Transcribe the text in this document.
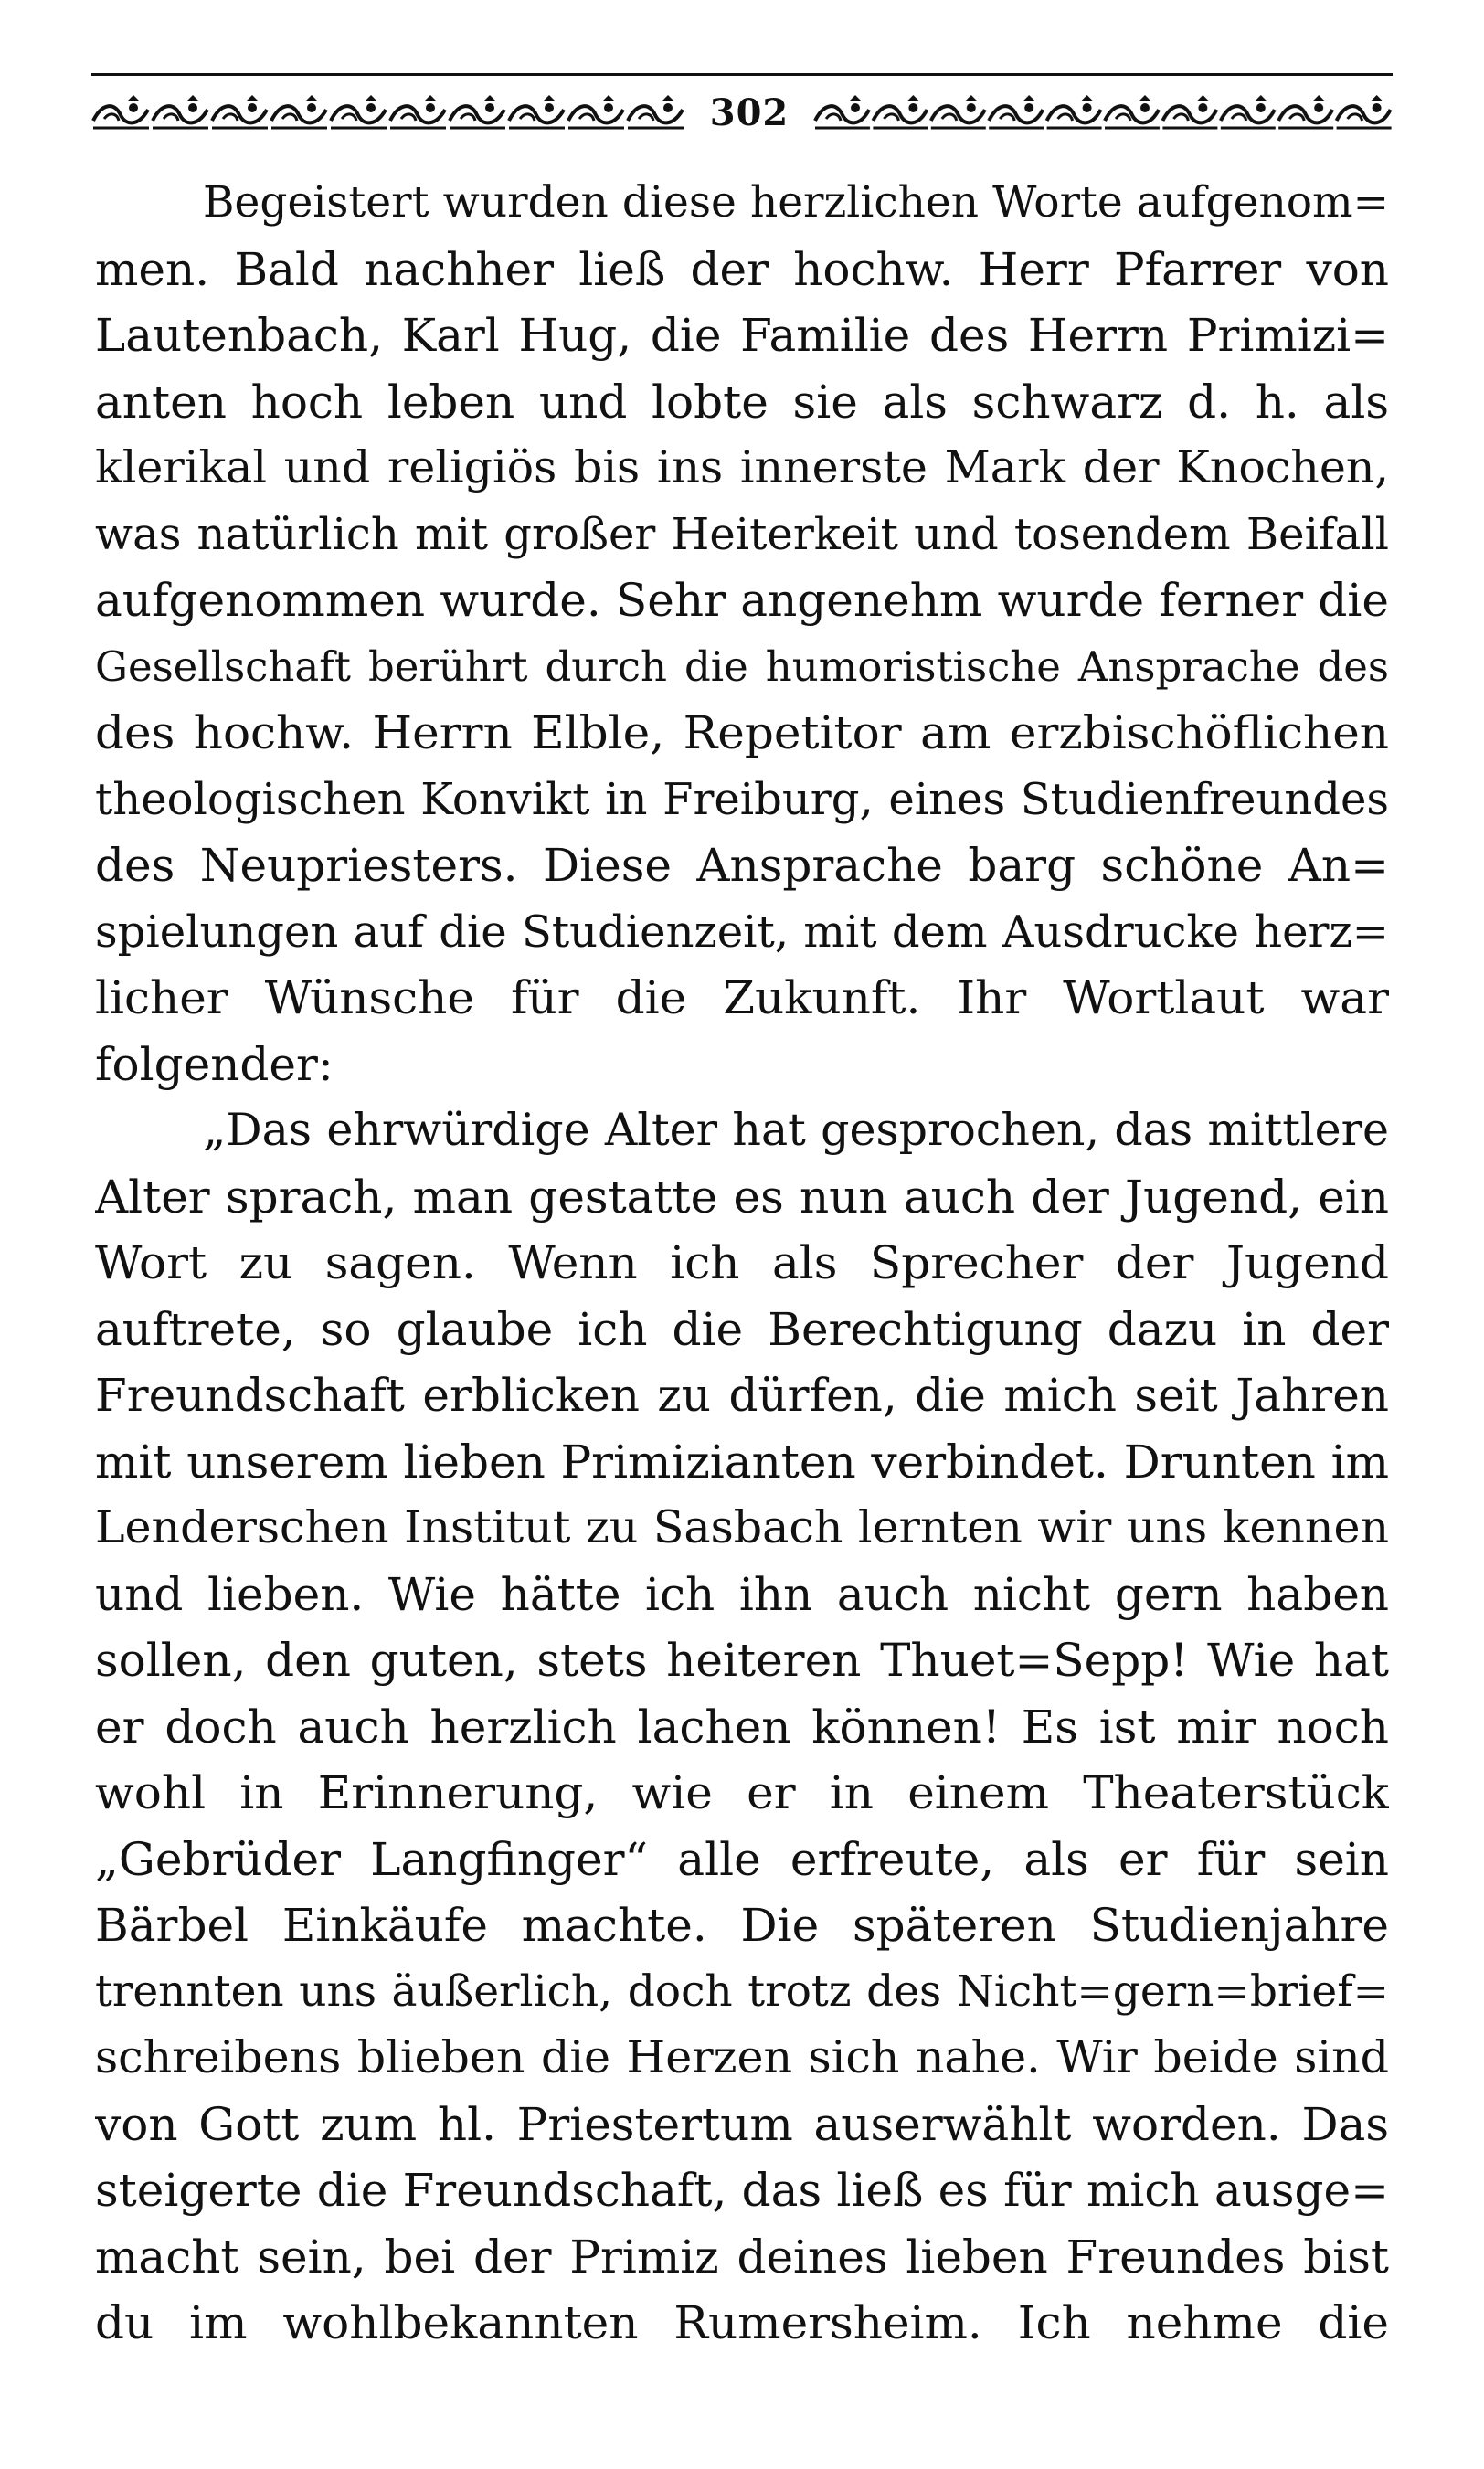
302
Begeistert wurden diese herzlichen Worte aufgenom=
men. Bald nachher ließ der hochw. Herr Pfarrer von
Lautenbach, Karl Hug, die Familie des Herrn Primizi=
anten hoch leben und lobte sie als schwarz d. h. als
klerikal und religiös bis ins innerste Mark der Knochen,
was natürlich mit großer Heiterkeit und tosendem Beifall
aufgenommen wurde. Sehr angenehm wurde ferner die
Gesellschaft berührt durch die humoristische Ansprache des
des hochw. Herrn Elble, Repetitor am erzbischöflichen
theologischen Konvikt in Freiburg, eines Studienfreundes
des Neupriesters. Diese Ansprache barg schöne An=
spielungen auf die Studienzeit, mit dem Ausdrucke herz=
licher Wünsche für die Zukunft. Ihr Wortlaut war
folgender:
„Das ehrwürdige Alter hat gesprochen, das mittlere
Alter sprach, man gestatte es nun auch der Jugend, ein
Wort zu sagen. Wenn ich als Sprecher der Jugend
auftrete, so glaube ich die Berechtigung dazu in der
Freundschaft erblicken zu dürfen, die mich seit Jahren
mit unserem lieben Primizianten verbindet. Drunten im
Lenderschen Institut zu Sasbach lernten wir uns kennen
und lieben. Wie hätte ich ihn auch nicht gern haben
sollen, den guten, stets heiteren Thuet=Sepp! Wie hat
er doch auch herzlich lachen können! Es ist mir noch
wohl in Erinnerung, wie er in einem Theaterstück
„Gebrüder Langfinger“ alle erfreute, als er für sein
Bärbel Einkäufe machte. Die späteren Studienjahre
trennten uns äußerlich, doch trotz des Nicht=gern=brief=
schreibens blieben die Herzen sich nahe. Wir beide sind
von Gott zum hl. Priestertum auserwählt worden. Das
steigerte die Freundschaft, das ließ es für mich ausge=
macht sein, bei der Primiz deines lieben Freundes bist
du im wohlbekannten Rumersheim. Ich nehme die
